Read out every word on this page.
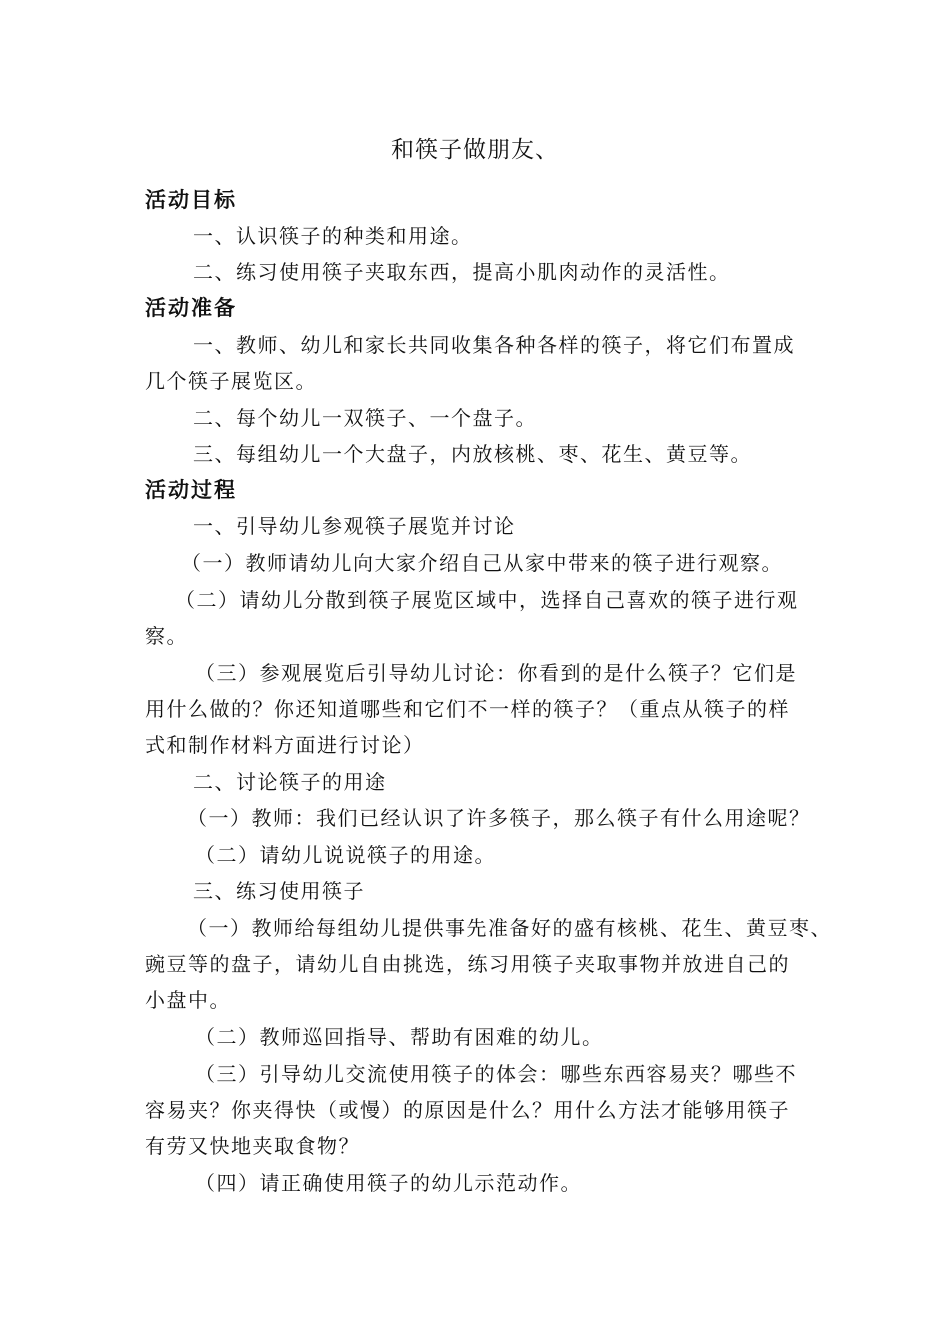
和筷子做朋友、
活动目标
一、认识筷子的种类和用途。
二、练习使用筷子夹取东西，提高小肌肉动作的灵活性。
活动准备
一、教师、幼儿和家长共同收集各种各样的筷子，将它们布置成
几个筷子展览区。
二、每个幼儿一双筷子、一个盘子。
三、每组幼儿一个大盘子，内放核桃、枣、花生、黄豆等。
活动过程
一、引导幼儿参观筷子展览并讨论
（一）教师请幼儿向大家介绍自己从家中带来的筷子进行观察。
（二）请幼儿分散到筷子展览区域中，选择自己喜欢的筷子进行观
察。
（三）参观展览后引导幼儿讨论：你看到的是什么筷子？它们是
用什么做的？你还知道哪些和它们不一样的筷子？（重点从筷子的样
式和制作材料方面进行讨论）
二、讨论筷子的用途
（一）教师：我们已经认识了许多筷子，那么筷子有什么用途呢？
（二）请幼儿说说筷子的用途。
三、练习使用筷子
（一）教师给每组幼儿提供事先准备好的盛有核桃、花生、黄豆枣、
豌豆等的盘子，请幼儿自由挑选，练习用筷子夹取事物并放进自己的
小盘中。
（二）教师巡回指导、帮助有困难的幼儿。
（三）引导幼儿交流使用筷子的体会：哪些东西容易夹？哪些不
容易夹？你夹得快（或慢）的原因是什么？用什么方法才能够用筷子
有劳又快地夹取食物？
（四）请正确使用筷子的幼儿示范动作。
